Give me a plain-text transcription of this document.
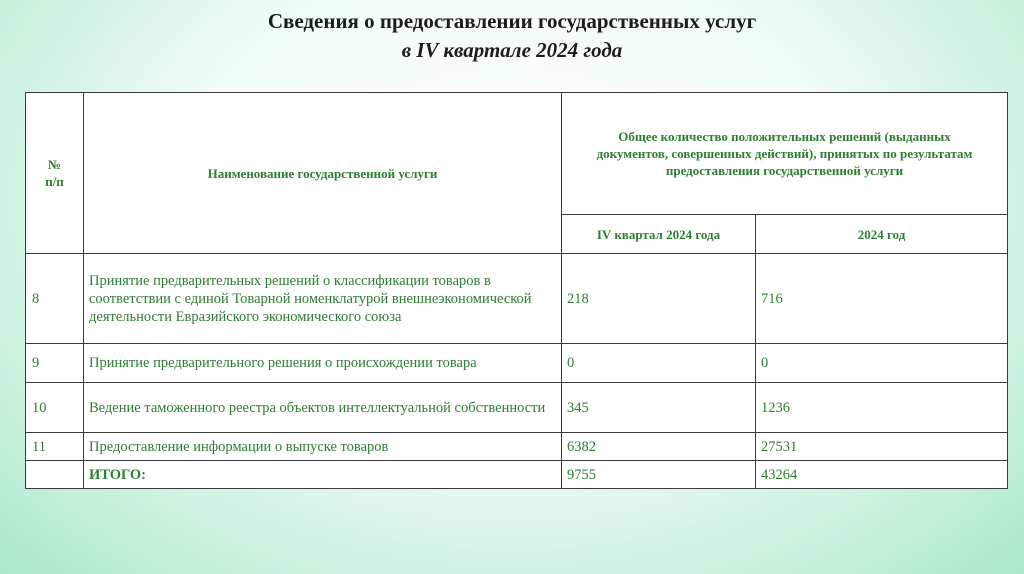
Сведения о предоставлении государственных услуг
в IV квартале 2024 года
№
п/п	Наименование государственной услуги	Общее количество положительных решений (выданных документов, совершенных действий), принятых по результатам предоставления государственной услуги	
		IV квартал 2024 года	2024 год
8	Принятие предварительных решений о классификации товаров в соответствии с единой Товарной номенклатурой внешнеэкономической деятельности Евразийского экономического союза	218	716
9	Принятие предварительного решения о происхождении товара	0	0
10	Ведение таможенного реестра объектов интеллектуальной собственности	345	1236
11	Предоставление информации о выпуске товаров	6382	27531
	ИТОГО:	9755	43264
